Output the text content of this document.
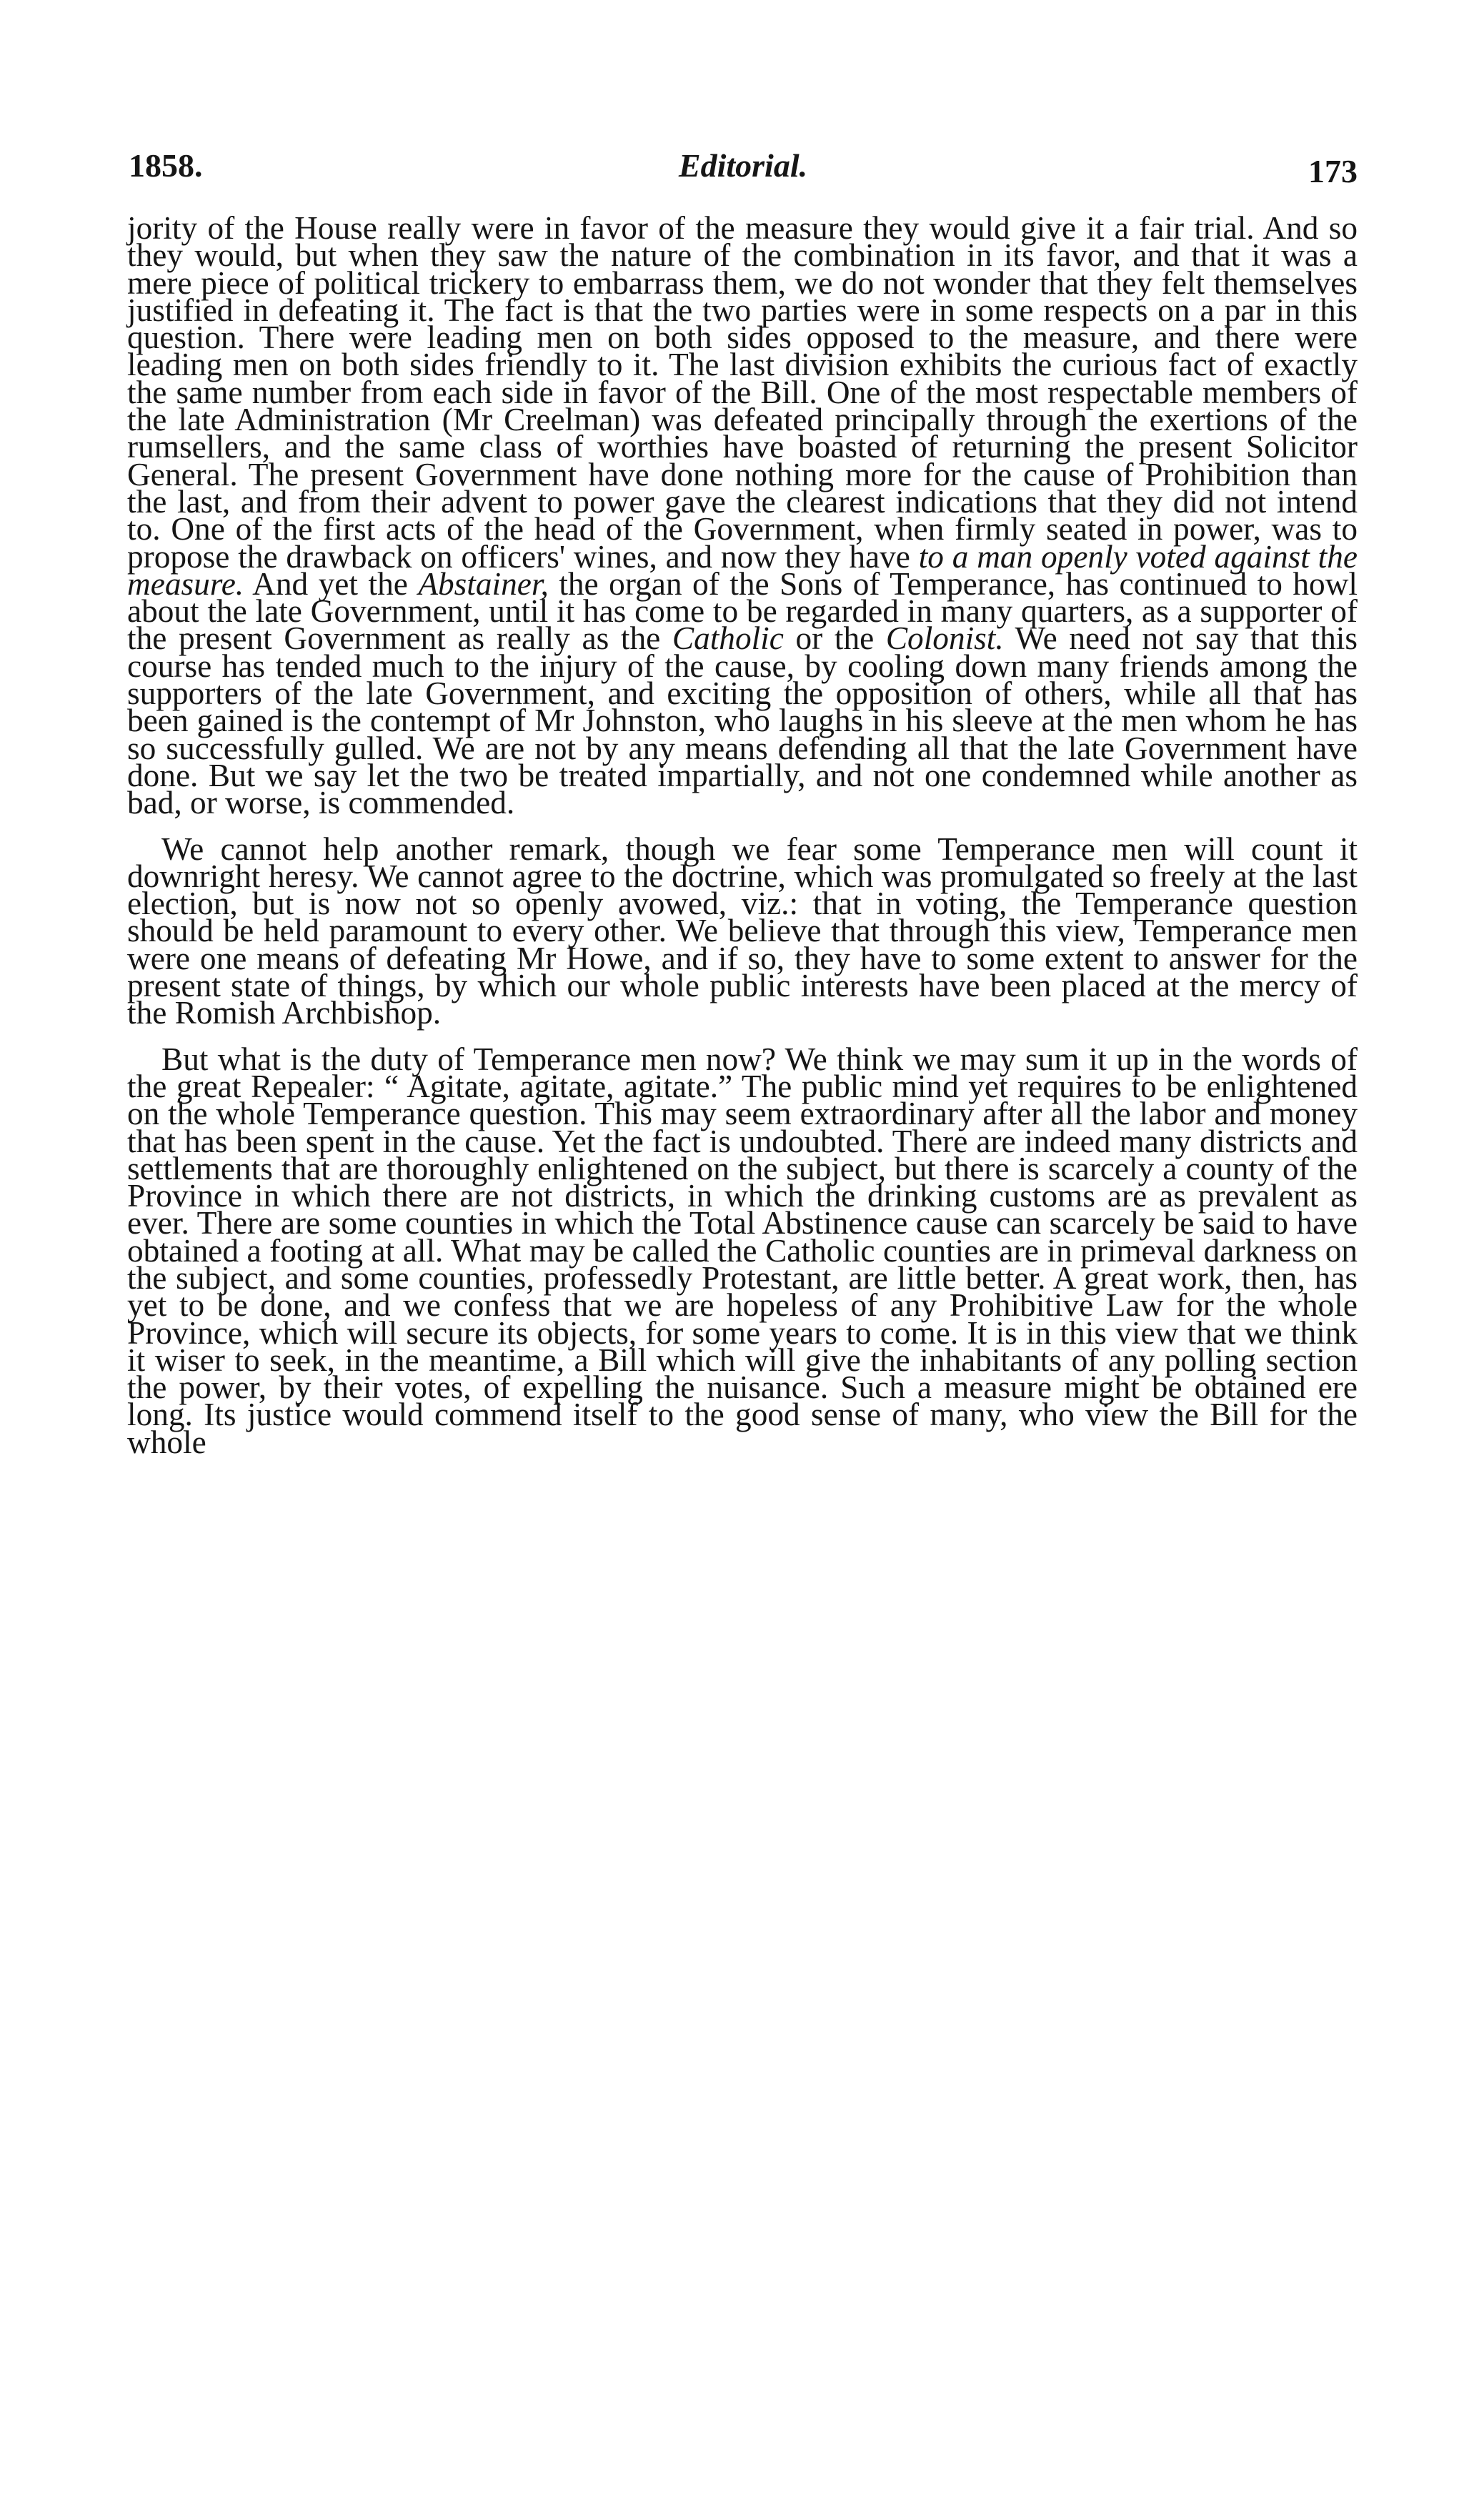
1858.	Editorial.	173

jority of the House really were in favor of the measure they would give it a fair trial. And so they would, but when they saw the nature of the combination in its favor, and that it was a mere piece of political trickery to embarrass them, we do not wonder that they felt themselves justified in defeating it. The fact is that the two parties were in some respects on a par in this question. There were leading men on both sides opposed to the measure, and there were leading men on both sides friendly to it. The last division exhibits the curious fact of exactly the same number from each side in favor of the Bill. One of the most respectable members of the late Administration (Mr Creelman) was defeated principally through the exertions of the rumsellers, and the same class of worthies have boasted of returning the present Solicitor General. The present Government have done nothing more for the cause of Prohibition than the last, and from their advent to power gave the clearest indications that they did not intend to. One of the first acts of the head of the Government, when firmly seated in power, was to propose the drawback on officers' wines, and now they have to a man openly voted against the measure. And yet the Abstainer, the organ of the Sons of Temperance, has continued to howl about the late Government, until it has come to be regarded in many quarters, as a supporter of the present Government as really as the Catholic or the Colonist. We need not say that this course has tended much to the injury of the cause, by cooling down many friends among the supporters of the late Government, and exciting the opposition of others, while all that has been gained is the contempt of Mr Johnston, who laughs in his sleeve at the men whom he has so successfully gulled. We are not by any means defending all that the late Government have done. But we say let the two be treated impartially, and not one condemned while another as bad, or worse, is commended.

We cannot help another remark, though we fear some Temperance men will count it downright heresy. We cannot agree to the doctrine, which was promulgated so freely at the last election, but is now not so openly avowed, viz.: that in voting, the Temperance question should be held paramount to every other. We believe that through this view, Temperance men were one means of defeating Mr Howe, and if so, they have to some extent to answer for the present state of things, by which our whole public interests have been placed at the mercy of the Romish Archbishop.

But what is the duty of Temperance men now? We think we may sum it up in the words of the great Repealer: “ Agitate, agitate, agitate.” The public mind yet requires to be enlightened on the whole Temperance question. This may seem extraordinary after all the labor and money that has been spent in the cause. Yet the fact is undoubted. There are indeed many districts and settlements that are thoroughly enlightened on the subject, but there is scarcely a county of the Province in which there are not districts, in which the drinking customs are as prevalent as ever. There are some counties in which the Total Abstinence cause can scarcely be said to have obtained a footing at all. What may be called the Catholic counties are in primeval darkness on the subject, and some counties, professedly Protestant, are little better. A great work, then, has yet to be done, and we confess that we are hopeless of any Prohibitive Law for the whole Province, which will secure its objects, for some years to come. It is in this view that we think it wiser to seek, in the meantime, a Bill which will give the inhabitants of any polling section the power, by their votes, of expelling the nuisance. Such a measure might be obtained ere long. Its justice would commend itself to the good sense of many, who view the Bill for the whole
